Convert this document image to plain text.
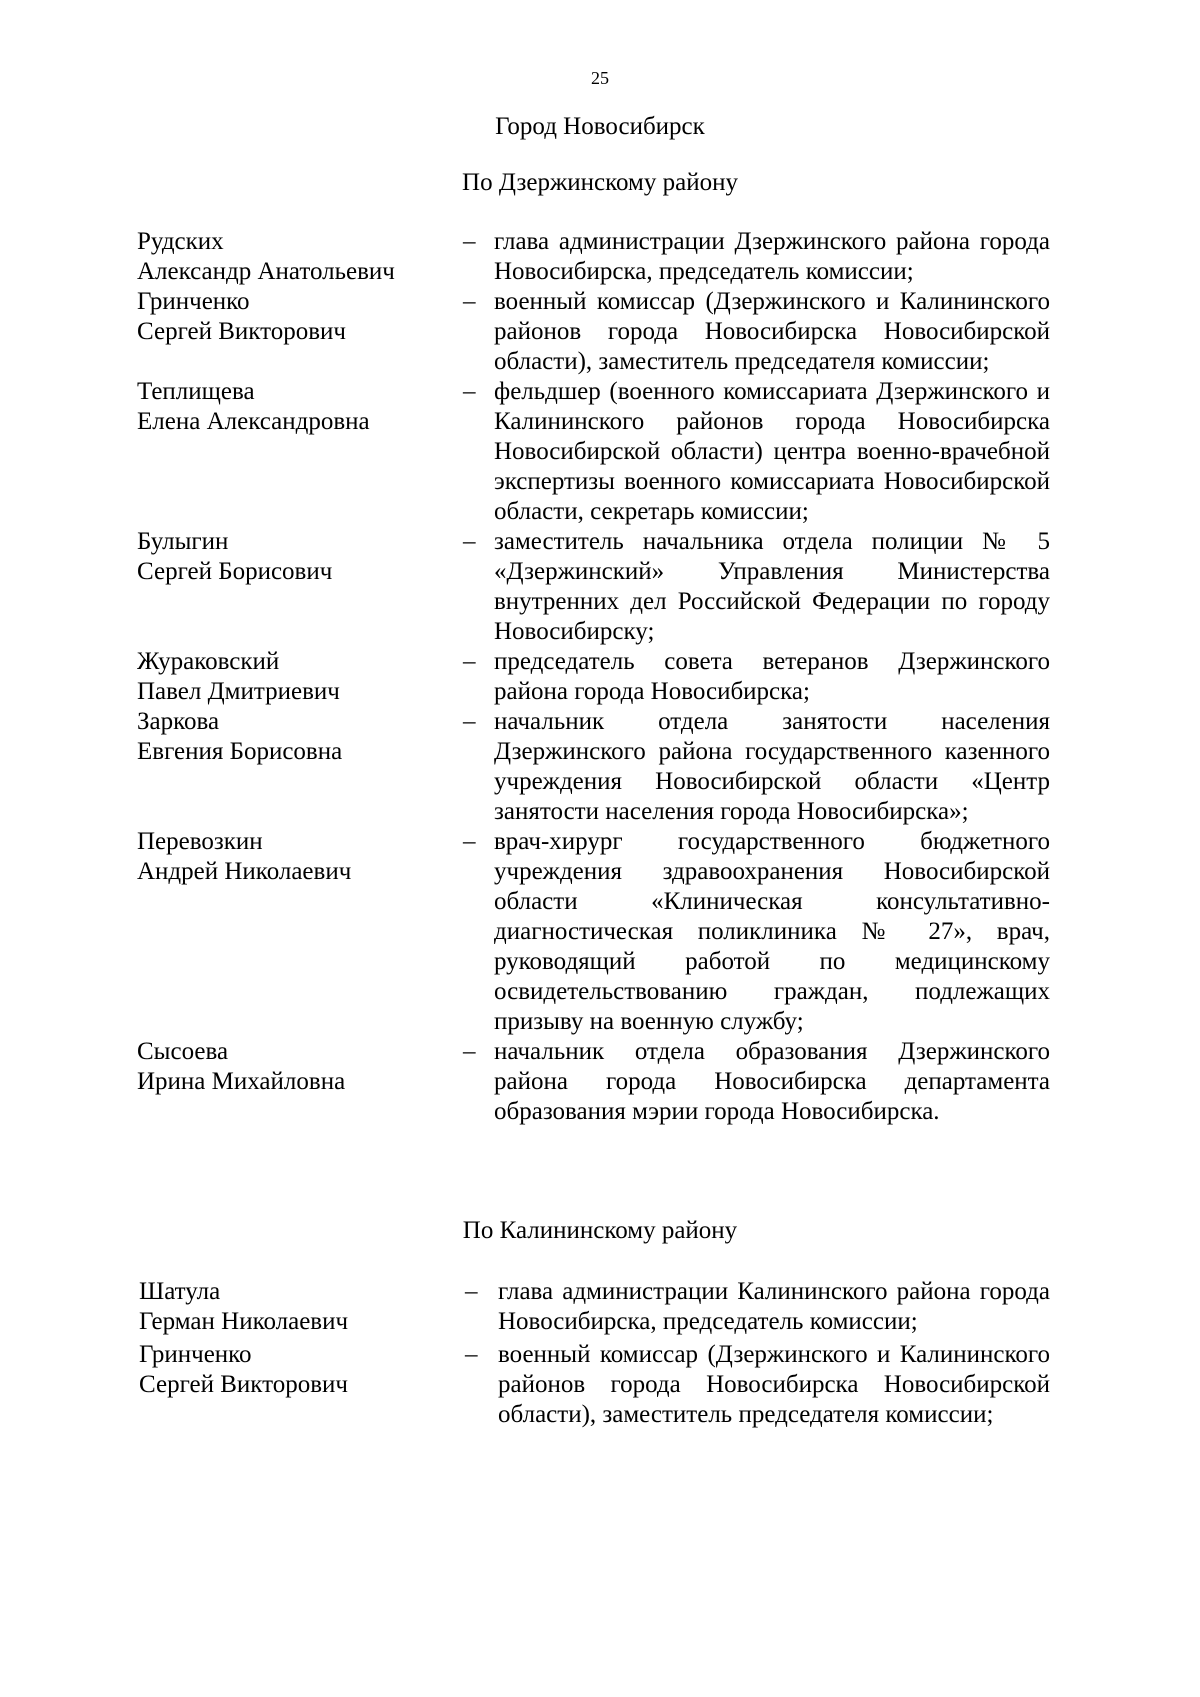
25
Город Новосибирск
По Дзержинскому району
Рудских
Александр Анатольевич
– глава администрации Дзержинского района города Новосибирска, председатель комиссии;
Гринченко
Сергей Викторович
– военный комиссар (Дзержинского и Калининского районов города Новосибирска Новосибирской области), заместитель председателя комиссии;
Теплищева
Елена Александровна
– фельдшер (военного комиссариата Дзержинского и Калининского районов города Новосибирска Новосибирской области) центра военно-врачебной экспертизы военного комиссариата Новосибирской области, секретарь комиссии;
Булыгин
Сергей Борисович
– заместитель начальника отдела полиции № 5 «Дзержинский» Управления Министерства внутренних дел Российской Федерации по городу Новосибирску;
Жураковский
Павел Дмитриевич
– председатель совета ветеранов Дзержинского района города Новосибирска;
Заркова
Евгения Борисовна
– начальник отдела занятости населения Дзержинского района государственного казенного учреждения Новосибирской области «Центр занятости населения города Новосибирска»;
Перевозкин
Андрей Николаевич
– врач-хирург государственного бюджетного учреждения здравоохранения Новосибирской области «Клиническая консультативно-диагностическая поликлиника № 27», врач, руководящий работой по медицинскому освидетельствованию граждан, подлежащих призыву на военную службу;
Сысоева
Ирина Михайловна
– начальник отдела образования Дзержинского района города Новосибирска департамента образования мэрии города Новосибирска.
По Калининскому району
Шатула
Герман Николаевич
– глава администрации Калининского района города Новосибирска, председатель комиссии;
Гринченко
Сергей Викторович
– военный комиссар (Дзержинского и Калининского районов города Новосибирска Новосибирской области), заместитель председателя комиссии;
